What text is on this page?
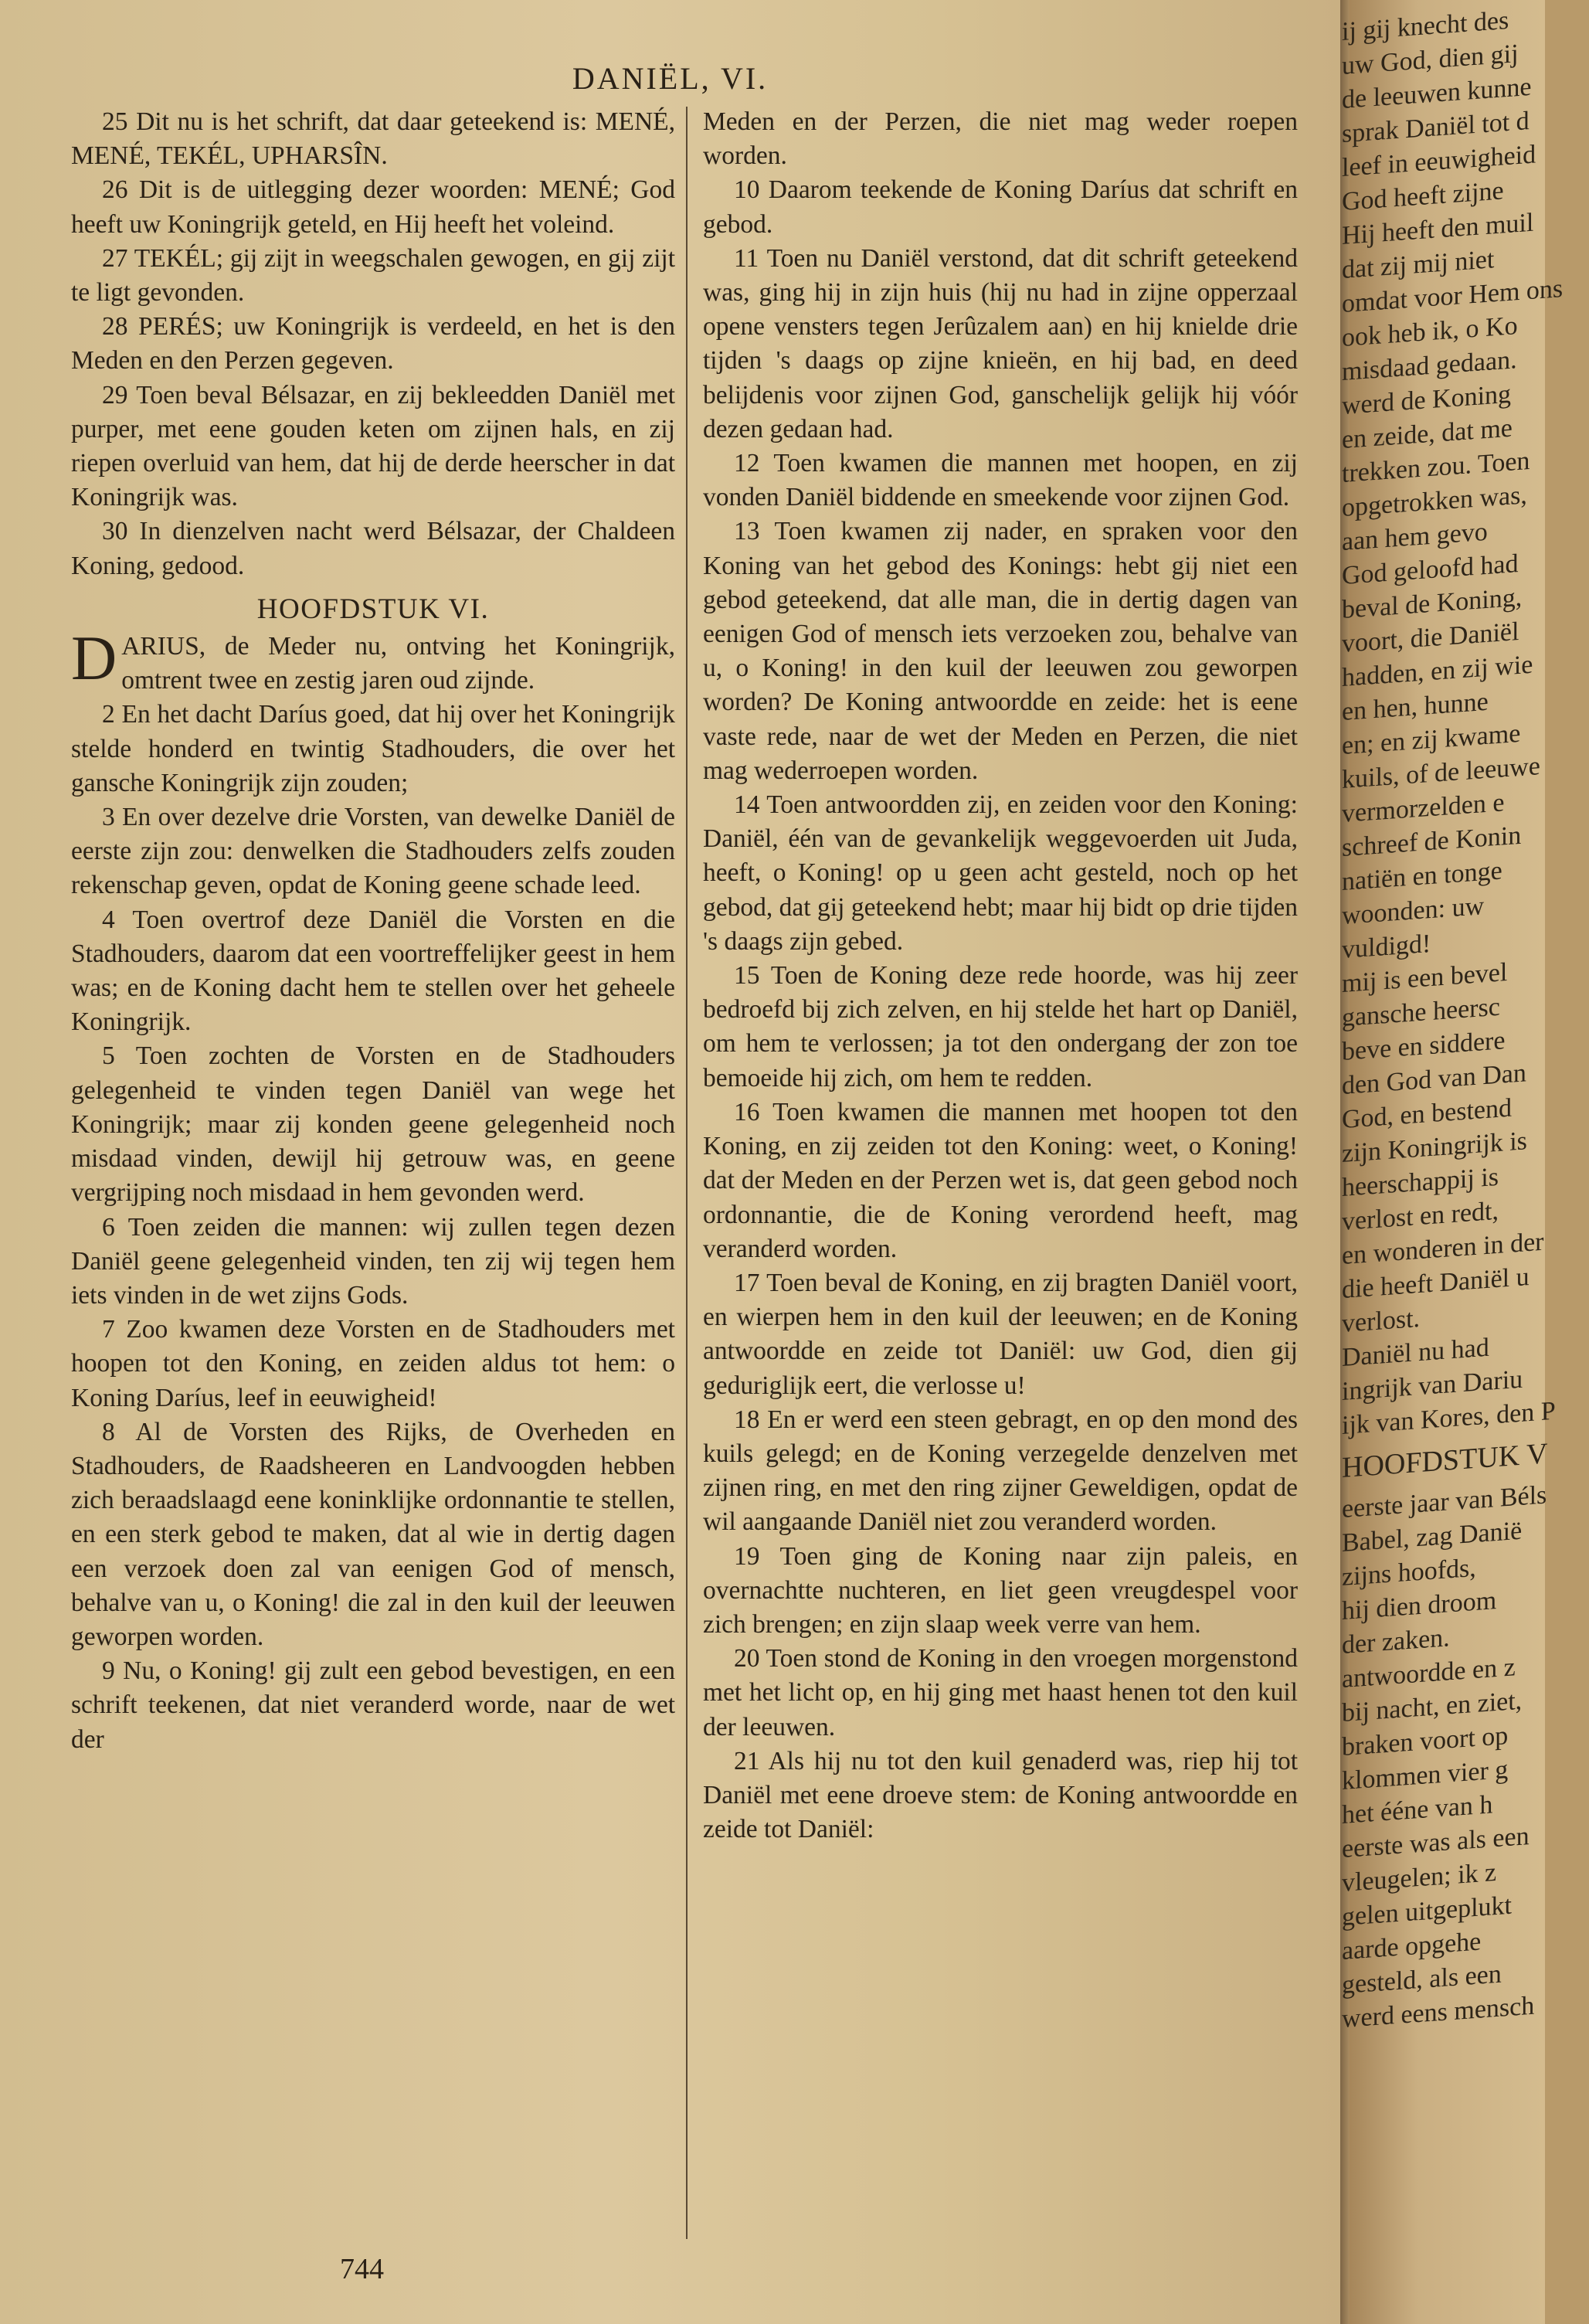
DANIËL, VI.

25 Dit nu is het schrift, dat daar geteekend is: MENÉ, MENÉ, TEKÉL, UPHARSÎN.

26 Dit is de uitlegging dezer woorden: MENÉ; God heeft uw Koningrijk geteld, en Hij heeft het voleind.

27 TEKÉL; gij zijt in weegschalen gewogen, en gij zijt te ligt gevonden.

28 PERÉS; uw Koningrijk is verdeeld, en het is den Meden en den Perzen gegeven.

29 Toen beval Bélsazar, en zij bekleedden Daniël met purper, met eene gouden keten om zijnen hals, en zij riepen overluid van hem, dat hij de derde heerscher in dat Koningrijk was.

30 In dienzelven nacht werd Bélsazar, der Chaldeen Koning, gedood.

HOOFDSTUK VI.

D ARIUS, de Meder nu, ontving het Koningrijk, omtrent twee en zestig jaren oud zijnde.

2 En het dacht Daríus goed, dat hij over het Koningrijk stelde honderd en twintig Stadhouders, die over het gansche Koningrijk zijn zouden;

3 En over dezelve drie Vorsten, van dewelke Daniël de eerste zijn zou: denwelken die Stadhouders zelfs zouden rekenschap geven, opdat de Koning geene schade leed.

4 Toen overtrof deze Daniël die Vorsten en die Stadhouders, daarom dat een voortreffelijker geest in hem was; en de Koning dacht hem te stellen over het geheele Koningrijk.

5 Toen zochten de Vorsten en de Stadhouders gelegenheid te vinden tegen Daniël van wege het Koningrijk; maar zij konden geene gelegenheid noch misdaad vinden, dewijl hij getrouw was, en geene vergrijping noch misdaad in hem gevonden werd.

6 Toen zeiden die mannen: wij zullen tegen dezen Daniël geene gelegenheid vinden, ten zij wij tegen hem iets vinden in de wet zijns Gods.

7 Zoo kwamen deze Vorsten en de Stadhouders met hoopen tot den Koning, en zeiden aldus tot hem: o Koning Daríus, leef in eeuwigheid!

8 Al de Vorsten des Rijks, de Overheden en Stadhouders, de Raadsheeren en Landvoogden hebben zich beraadslaagd eene koninklijke ordonnantie te stellen, en een sterk gebod te maken, dat al wie in dertig dagen een verzoek doen zal van eenigen God of mensch, behalve van u, o Koning! die zal in den kuil der leeuwen geworpen worden.

9 Nu, o Koning! gij zult een gebod bevestigen, en een schrift teekenen, dat niet veranderd worde, naar de wet der

Meden en der Perzen, die niet mag weder roepen worden.

10 Daarom teekende de Koning Daríus dat schrift en gebod.

11 Toen nu Daniël verstond, dat dit schrift geteekend was, ging hij in zijn huis (hij nu had in zijne opperzaal opene vensters tegen Jerûzalem aan) en hij knielde drie tijden 's daags op zijne knieën, en hij bad, en deed belijdenis voor zijnen God, ganschelijk gelijk hij vóór dezen gedaan had.

12 Toen kwamen die mannen met hoopen, en zij vonden Daniël biddende en smeekende voor zijnen God.

13 Toen kwamen zij nader, en spraken voor den Koning van het gebod des Konings: hebt gij niet een gebod geteekend, dat alle man, die in dertig dagen van eenigen God of mensch iets verzoeken zou, behalve van u, o Koning! in den kuil der leeuwen zou geworpen worden? De Koning antwoordde en zeide: het is eene vaste rede, naar de wet der Meden en Perzen, die niet mag wederroepen worden.

14 Toen antwoordden zij, en zeiden voor den Koning: Daniël, één van de gevankelijk weggevoerden uit Juda, heeft, o Koning! op u geen acht gesteld, noch op het gebod, dat gij geteekend hebt; maar hij bidt op drie tijden 's daags zijn gebed.

15 Toen de Koning deze rede hoorde, was hij zeer bedroefd bij zich zelven, en hij stelde het hart op Daniël, om hem te verlossen; ja tot den ondergang der zon toe bemoeide hij zich, om hem te redden.

16 Toen kwamen die mannen met hoopen tot den Koning, en zij zeiden tot den Koning: weet, o Koning! dat der Meden en der Perzen wet is, dat geen gebod noch ordonnantie, die de Koning verordend heeft, mag veranderd worden.

17 Toen beval de Koning, en zij bragten Daniël voort, en wierpen hem in den kuil der leeuwen; en de Koning antwoordde en zeide tot Daniël: uw God, dien gij geduriglijk eert, die verlosse u!

18 En er werd een steen gebragt, en op den mond des kuils gelegd; en de Koning verzegelde denzelven met zijnen ring, en met den ring zijner Geweldigen, opdat de wil aangaande Daniël niet zou veranderd worden.

19 Toen ging de Koning naar zijn paleis, en overnachtte nuchteren, en liet geen vreugdespel voor zich brengen; en zijn slaap week verre van hem.

20 Toen stond de Koning in den vroegen morgenstond met het licht op, en hij ging met haast henen tot den kuil der leeuwen.

21 Als hij nu tot den kuil genaderd was, riep hij tot Daniël met eene droeve stem: de Koning antwoordde en zeide tot Daniël:

744
ij gij knecht des
uw God, dien gij
de leeuwen kunne
sprak Daniël tot d
leef in eeuwigheid
God heeft zijne
Hij heeft den muil
dat zij mij niet
omdat voor Hem ons
ook heb ik, o Ko
misdaad gedaan.
werd de Koning
en zeide, dat me
trekken zou. Toen
opgetrokken was,
aan hem gevo
God geloofd had
beval de Koning,
voort, die Daniël
hadden, en zij wie
en hen, hunne
en; en zij kwame
kuils, of de leeuwe
vermorzelden e
schreef de Konin
natiën en tonge
woonden: uw
vuldigd!
mij is een bevel
gansche heersc
beve en siddere
den God van Dan
God, en bestend
zijn Koningrijk is
heerschappij is
verlost en redt,
en wonderen in der
die heeft Daniël u
verlost.
Daniël nu had
ingrijk van Dariu
ijk van Kores, den P
HOOFDSTUK V
eerste jaar van Béls
Babel, zag Danië
zijns hoofds,
hij dien droom
der zaken.
antwoordde en z
bij nacht, en ziet,
braken voort op
klommen vier g
het ééne van h
eerste was als een
vleugelen; ik z
gelen uitgeplukt
aarde opgehe
gesteld, als een
werd eens mensch
